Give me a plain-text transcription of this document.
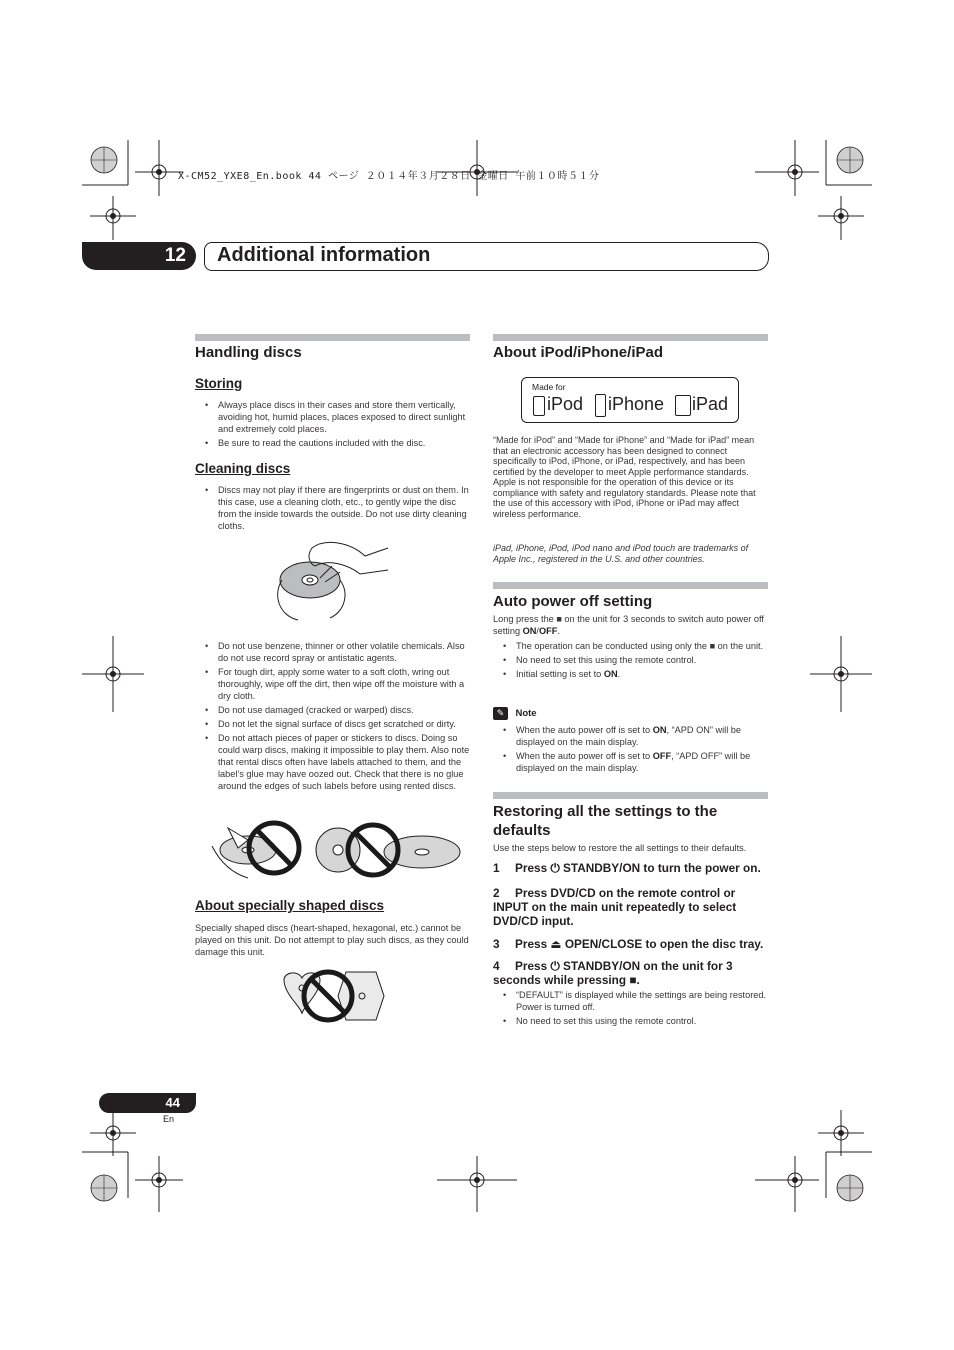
X-CM52_YXE8_En.book 44 ページ ２０１４年３月２８日 金曜日 午前１０時５１分
12 Additional information
Handling discs
Storing
• Always place discs in their cases and store them vertically, avoiding hot, humid places, places exposed to direct sunlight and extremely cold places.
• Be sure to read the cautions included with the disc.
Cleaning discs
• Discs may not play if there are fingerprints or dust on them. In this case, use a cleaning cloth, etc., to gently wipe the disc from the inside towards the outside. Do not use dirty cleaning cloths.
• Do not use benzene, thinner or other volatile chemicals. Also do not use record spray or antistatic agents.
• For tough dirt, apply some water to a soft cloth, wring out thoroughly, wipe off the dirt, then wipe off the moisture with a dry cloth.
• Do not use damaged (cracked or warped) discs.
• Do not let the signal surface of discs get scratched or dirty.
• Do not attach pieces of paper or stickers to discs. Doing so could warp discs, making it impossible to play them. Also note that rental discs often have labels attached to them, and the label’s glue may have oozed out. Check that there is no glue around the edges of such labels before using rented discs.
About specially shaped discs
Specially shaped discs (heart-shaped, hexagonal, etc.) cannot be played on this unit. Do not attempt to play such discs, as they could damage this unit.
About iPod/iPhone/iPad
Made for
iPod iPhone iPad
“Made for iPod” and “Made for iPhone” and “Made for iPad” mean that an electronic accessory has been designed to connect specifically to iPod, iPhone, or iPad, respectively, and has been certified by the developer to meet Apple performance standards. Apple is not responsible for the operation of this device or its compliance with safety and regulatory standards. Please note that the use of this accessory with iPod, iPhone or iPad may affect wireless performance.
iPad, iPhone, iPod, iPod nano and iPod touch are trademarks of Apple Inc., registered in the U.S. and other countries.
Auto power off setting
Long press the ■ on the unit for 3 seconds to switch auto power off setting ON/OFF.
• The operation can be conducted using only the ■ on the unit.
• No need to set this using the remote control.
• Initial setting is set to ON.
✎ Note
• When the auto power off is set to ON, “APD ON” will be displayed on the main display.
• When the auto power off is set to OFF, “APD OFF” will be displayed on the main display.
Restoring all the settings to the defaults
Use the steps below to restore the all settings to their defaults.
1 Press ⏻ STANDBY/ON to turn the power on.
2 Press DVD/CD on the remote control or INPUT on the main unit repeatedly to select DVD/CD input.
3 Press ⏏ OPEN/CLOSE to open the disc tray.
4 Press ⏻ STANDBY/ON on the unit for 3 seconds while pressing ■.
• “DEFAULT” is displayed while the settings are being restored. Power is turned off.
• No need to set this using the remote control.
44
En
